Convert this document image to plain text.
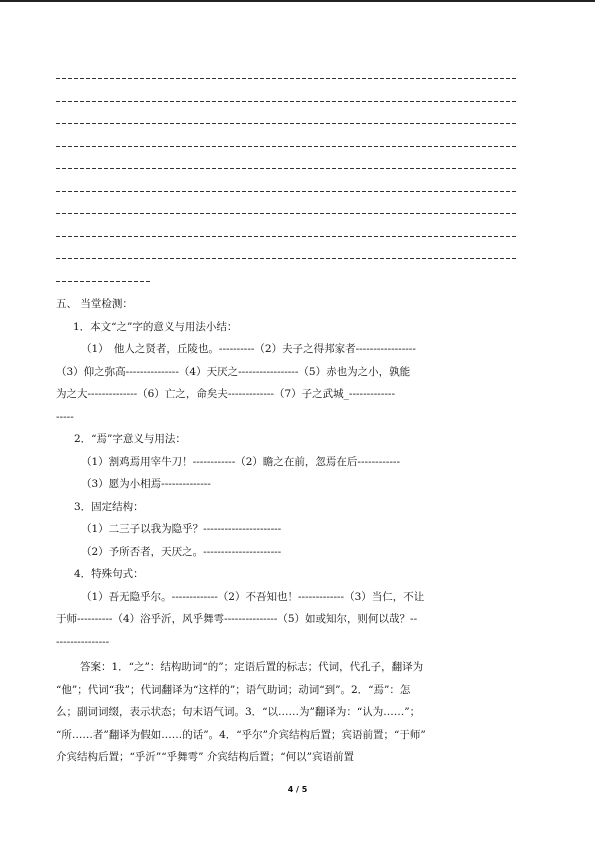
五、 当堂检测：

1．本文“之”字的意义与用法小结：

（1）　他人之贤者，丘陵也。----------（2）夫子之得邦家者-----------------

（3）仰之弥高---------------（4）天厌之-----------------（5）赤也为之小，孰能

为之大--------------（6）亡之，命矣夫-------------（7）子之武城_-------------

-----

2．“焉”字意义与用法：

（1）割鸡焉用宰牛刀！------------（2）瞻之在前，忽焉在后------------

（3）愿为小相焉--------------

3．固定结构：

（1）二三子以我为隐乎？----------------------

（2）予所否者，天厌之。----------------------

4．特殊句式：

（1）吾无隐乎尔。-------------（2）不吾知也！-------------（3）当仁，不让

于师----------（4）浴乎沂，风乎舞雩---------------（5）如或知尔，则何以哉？--

---------------

答案：1．“之”：结构助词“的”；定语后置的标志；代词，代孔子，翻译为

“他”；代词“我”；代词翻译为“这样的”；语气助词；动词“到”。2．“焉”：怎

么；副词词缀，表示状态；句末语气词。3．“以……为”翻译为：“认为……”；

“所……者”翻译为假如……的话”。4．“乎尔”介宾结构后置；宾语前置；“于师”

介宾结构后置；“乎沂”“乎舞雩” 介宾结构后置；“何以”宾语前置

4 / 5
